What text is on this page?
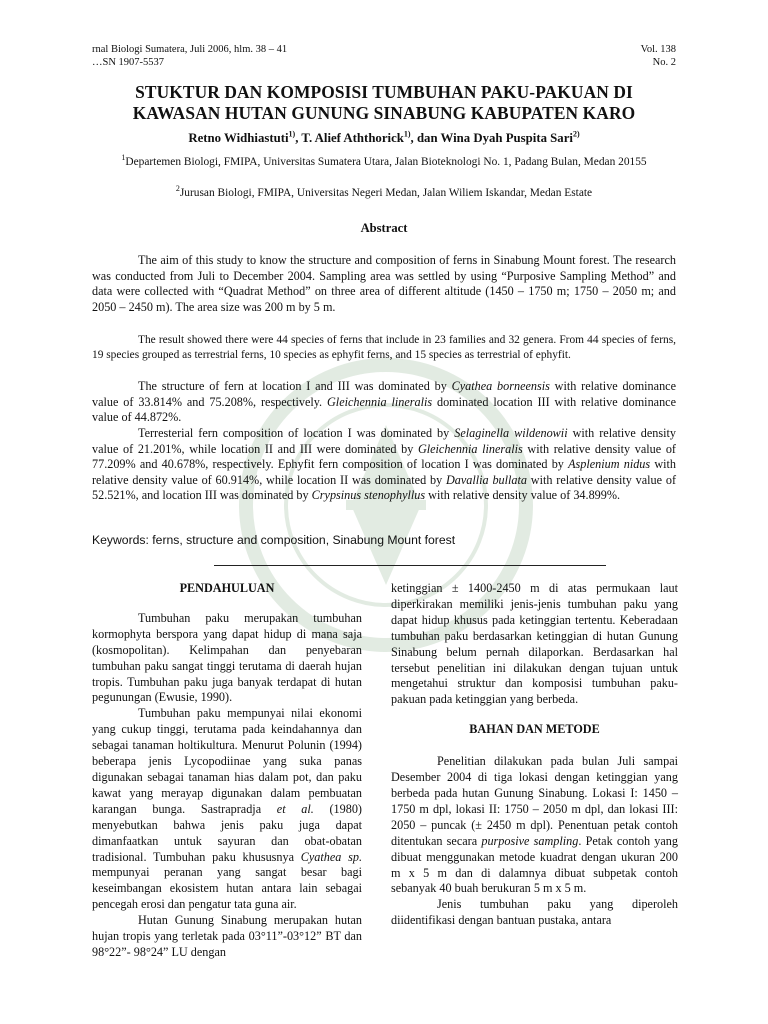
rnal Biologi Sumatera, Juli 2006, hlm. 38 – 41	Vol. 138
…SN 1907-5537	No. 2
STUKTUR DAN KOMPOSISI TUMBUHAN PAKU-PAKUAN DI
KAWASAN HUTAN GUNUNG SINABUNG KABUPATEN KARO
Retno Widhiastuti$^{1)}$, T. Alief Aththorick$^{1)}$, dan Wina Dyah Puspita Sari$^{2)}$
$^1$Departemen Biologi, FMIPA, Universitas Sumatera Utara, Jalan Bioteknologi No. 1, Padang Bulan, Medan 20155
$^2$Jurusan Biologi, FMIPA, Universitas Negeri Medan, Jalan Wiliem Iskandar, Medan Estate
Abstract

The aim of this study to know the structure and composition of ferns in Sinabung Mount forest. The research was conducted from Juli to December 2004. Sampling area was settled by using “Purposive Sampling Method” and data were collected with “Quadrat Method” on three area of different altitude (1450 – 1750 m; 1750 – 2050 m; and 2050 – 2450 m). The area size was 200 m by 5 m.

The result showed there were 44 species of ferns that include in 23 families and 32 genera. From 44 species of ferns, 19 species grouped as terrestrial ferns, 10 species as ephyfit ferns, and 15 species as terrestrial of ephyfit.

The structure of fern at location I and III was dominated by Cyathea borneensis with relative dominance value of 33.814% and 75.208%, respectively. Gleichennia lineralis dominated location III with relative dominance value of 44.872%.

Terresterial fern composition of location I was dominated by Selaginella wildenowii with relative density value of 21.201%, while location II and III were dominated by Gleichennia lineralis with relative density value of 77.209% and 40.678%, respectively. Ephyfit fern composition of location I was dominated by Asplenium nidus with relative density value of 60.914%, while location II was dominated by Davallia bullata with relative density value of 52.521%, and location III was dominated by Crypsinus stenophyllus with relative density value of 34.899%.

Keywords: ferns, structure and composition, Sinabung Mount forest

PENDAHULUAN

Tumbuhan paku merupakan tumbuhan kormophyta berspora yang dapat hidup di mana saja (kosmopolitan). Kelimpahan dan penyebaran tumbuhan paku sangat tinggi terutama di daerah hujan tropis. Tumbuhan paku juga banyak terdapat di hutan pegunungan (Ewusie, 1990).

Tumbuhan paku mempunyai nilai ekonomi yang cukup tinggi, terutama pada keindahannya dan sebagai tanaman holtikultura. Menurut Polunin (1994) beberapa jenis Lycopodiinae yang suka panas digunakan sebagai tanaman hias dalam pot, dan paku kawat yang merayap digunakan dalam pembuatan karangan bunga. Sastrapradja et al. (1980) menyebutkan bahwa jenis paku juga dapat dimanfaatkan untuk sayuran dan obat-obatan tradisional. Tumbuhan paku khususnya Cyathea sp. mempunyai peranan yang sangat besar bagi keseimbangan ekosistem hutan antara lain sebagai pencegah erosi dan pengatur tata guna air.

Hutan Gunung Sinabung merupakan hutan hujan tropis yang terletak pada 03°11”-03°12” BT dan 98°22”- 98°24” LU dengan

ketinggian ± 1400-2450 m di atas permukaan laut diperkirakan memiliki jenis-jenis tumbuhan paku yang dapat hidup khusus pada ketinggian tertentu. Keberadaan tumbuhan paku berdasarkan ketinggian di hutan Gunung Sinabung belum pernah dilaporkan. Berdasarkan hal tersebut penelitian ini dilakukan dengan tujuan untuk mengetahui struktur dan komposisi tumbuhan paku-pakuan pada ketinggian yang berbeda.

BAHAN DAN METODE

Penelitian dilakukan pada bulan Juli sampai Desember 2004 di tiga lokasi dengan ketinggian yang berbeda pada hutan Gunung Sinabung. Lokasi I: 1450 – 1750 m dpl, lokasi II: 1750 – 2050 m dpl, dan lokasi III: 2050 – puncak (± 2450 m dpl). Penentuan petak contoh ditentukan secara purposive sampling. Petak contoh yang dibuat menggunakan metode kuadrat dengan ukuran 200 m x 5 m dan di dalamnya dibuat subpetak contoh sebanyak 40 buah berukuran 5 m x 5 m.

Jenis tumbuhan paku yang diperoleh diidentifikasi dengan bantuan pustaka, antara
